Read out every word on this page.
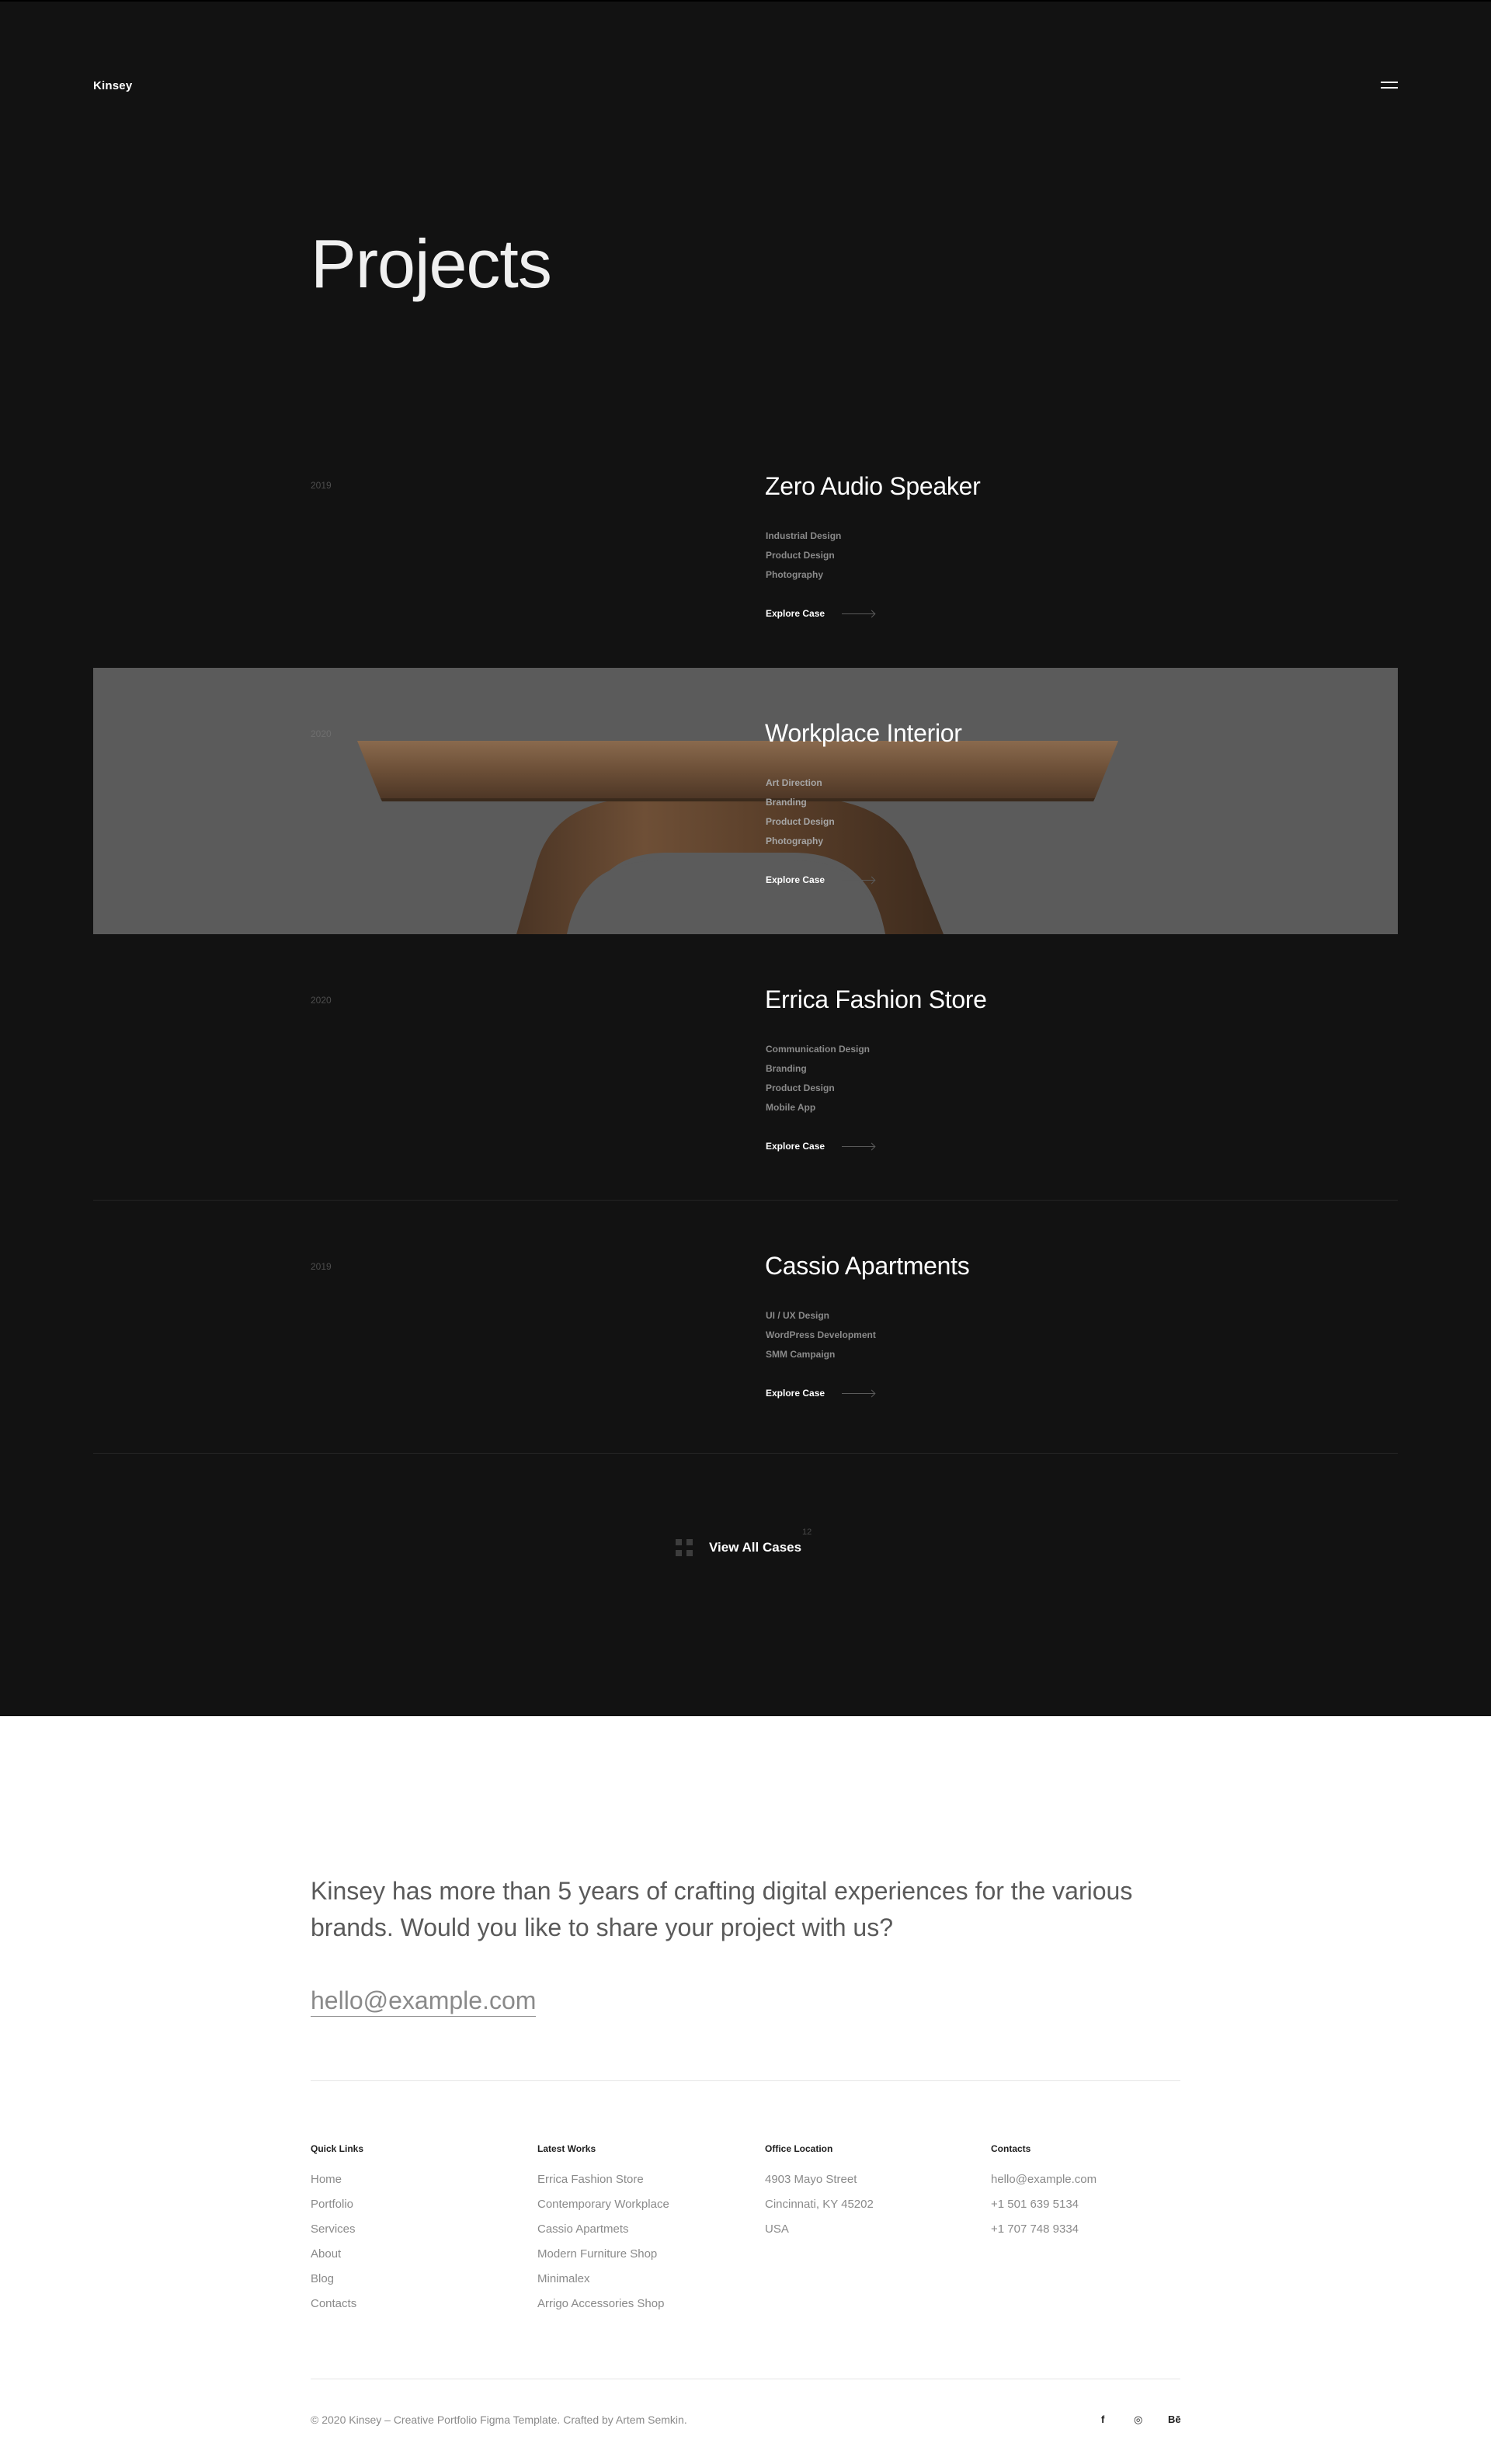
Kinsey
Projects
2019	Zero Audio Speaker
Industrial Design
Product Design
Photography
Explore Case
2020	Workplace Interior
Art Direction
Branding
Product Design
Photography
Explore Case
2020	Errica Fashion Store
Communication Design
Branding
Product Design
Mobile App
Explore Case
2019	Cassio Apartments
UI / UX Design
WordPress Development
SMM Campaign
Explore Case
View All Cases
12

Kinsey has more than 5 years of crafting digital experiences for the various brands. Would you like to share your project with us?

hello@example.com
Quick Links
Home
Portfolio
Services
About
Blog
Contacts
Latest Works
Errica Fashion Store
Contemporary Workplace
Cassio Apartmets
Modern Furniture Shop
Minimalex
Arrigo Accessories Shop
Office Location
4903 Mayo Street
Cincinnati, KY 45202
USA
Contacts
hello@example.com
+1 501 639 5134
+1 707 748 9334
© 2020 Kinsey – Creative Portfolio Figma Template. Crafted by Artem Semkin.	f	◎	Bē
